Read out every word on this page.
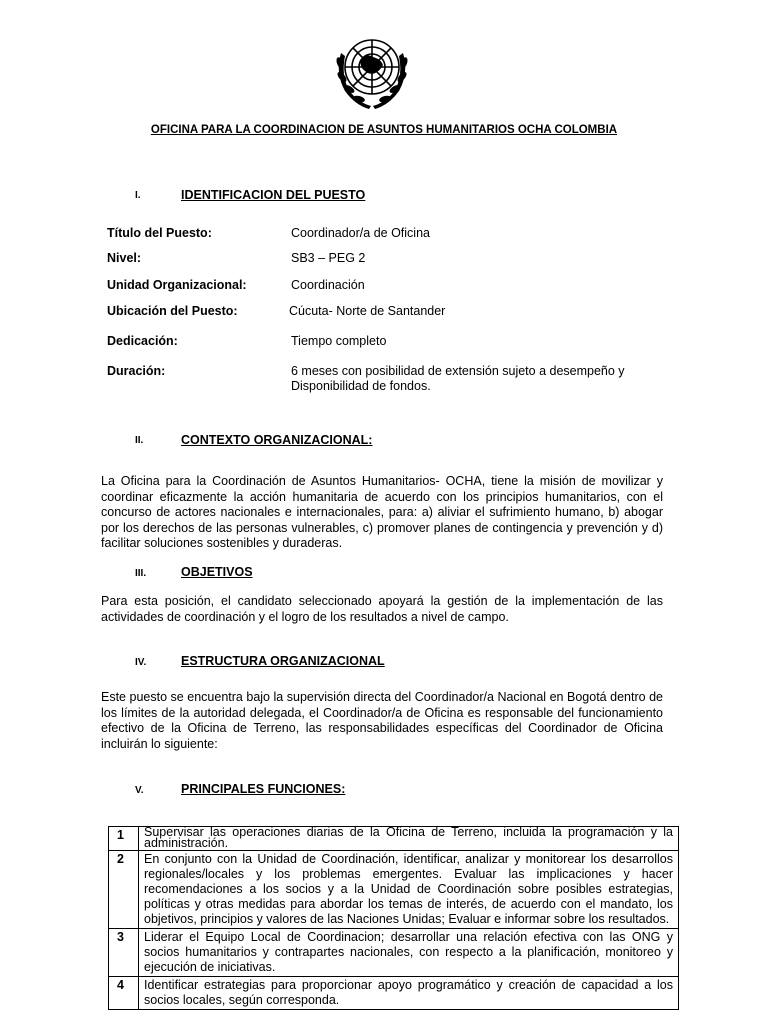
OFICINA PARA LA COORDINACION DE ASUNTOS HUMANITARIOS OCHA COLOMBIA
I.	IDENTIFICACION DEL PUESTO
Título del Puesto:	Coordinador/a de Oficina
Nivel:	SB3 – PEG 2
Unidad Organizacional:	Coordinación
Ubicación del Puesto:	Cúcuta- Norte de Santander
Dedicación:	Tiempo completo
Duración:	6 meses con posibilidad de extensión sujeto a desempeño y
Disponibilidad de fondos.
II.	CONTEXTO ORGANIZACIONAL:
La Oficina para la Coordinación de Asuntos Humanitarios- OCHA, tiene la misión de movilizar y coordinar eficazmente la acción humanitaria de acuerdo con los principios humanitarios, con el concurso de actores nacionales e internacionales, para: a) aliviar el sufrimiento humano, b) abogar por los derechos de las personas vulnerables, c) promover planes de contingencia y prevención y d) facilitar soluciones sostenibles y duraderas.
III.	OBJETIVOS
Para esta posición, el candidato seleccionado apoyará la gestión de la implementación de las actividades de coordinación y el logro de los resultados a nivel de campo.
IV.	ESTRUCTURA ORGANIZACIONAL
Este puesto se encuentra bajo la supervisión directa del Coordinador/a Nacional en Bogotá dentro de los límites de la autoridad delegada, el Coordinador/a de Oficina es responsable del funcionamiento efectivo de la Oficina de Terreno, las responsabilidades específicas del Coordinador de Oficina incluirán lo siguiente:
V.	PRINCIPALES FUNCIONES:
1	Supervisar las operaciones diarias de la Oficina de Terreno, incluida la programación y la administración.
2	En conjunto con la Unidad de Coordinación, identificar, analizar y monitorear los desarrollos regionales/locales y los problemas emergentes. Evaluar las implicaciones y hacer recomendaciones a los socios y a la Unidad de Coordinación sobre posibles estrategias, políticas y otras medidas para abordar los temas de interés, de acuerdo con el mandato, los objetivos, principios y valores de las Naciones Unidas; Evaluar e informar sobre los resultados.
3	Liderar el Equipo Local de Coordinacion; desarrollar una relación efectiva con las ONG y socios humanitarios y contrapartes nacionales, con respecto a la planificación, monitoreo y ejecución de iniciativas.
4	Identificar estrategias para proporcionar apoyo programático y creación de capacidad a los socios locales, según corresponda.
